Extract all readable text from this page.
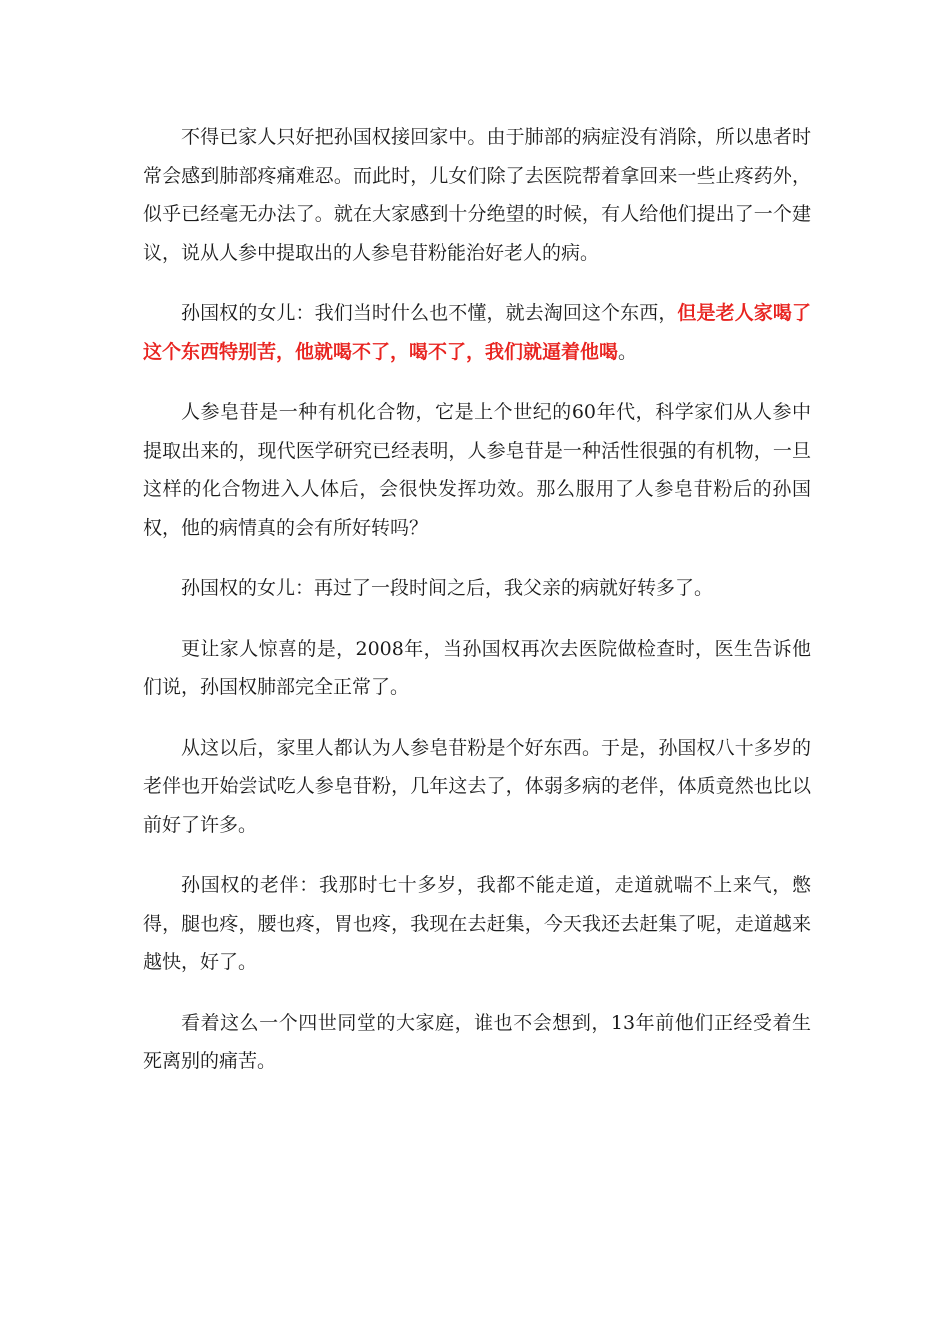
不得已家人只好把孙国权接回家中。由于肺部的病症没有消除，所以患者时常会感到肺部疼痛难忍。而此时，儿女们除了去医院帮着拿回来一些止疼药外，似乎已经毫无办法了。就在大家感到十分绝望的时候，有人给他们提出了一个建议，说从人参中提取出的人参皂苷粉能治好老人的病。

孙国权的女儿：我们当时什么也不懂，就去淘回这个东西，但是老人家喝了这个东西特别苦，他就喝不了，喝不了，我们就逼着他喝。

人参皂苷是一种有机化合物，它是上个世纪的60年代，科学家们从人参中提取出来的，现代医学研究已经表明，人参皂苷是一种活性很强的有机物，一旦这样的化合物进入人体后，会很快发挥功效。那么服用了人参皂苷粉后的孙国权，他的病情真的会有所好转吗？

孙国权的女儿：再过了一段时间之后，我父亲的病就好转多了。

更让家人惊喜的是，2008年，当孙国权再次去医院做检查时，医生告诉他们说，孙国权肺部完全正常了。

从这以后，家里人都认为人参皂苷粉是个好东西。于是，孙国权八十多岁的老伴也开始尝试吃人参皂苷粉，几年这去了，体弱多病的老伴，体质竟然也比以前好了许多。

孙国权的老伴：我那时七十多岁，我都不能走道，走道就喘不上来气，憋得，腿也疼，腰也疼，胃也疼，我现在去赶集，今天我还去赶集了呢，走道越来越快，好了。

看着这么一个四世同堂的大家庭，谁也不会想到，13年前他们正经受着生死离别的痛苦。
